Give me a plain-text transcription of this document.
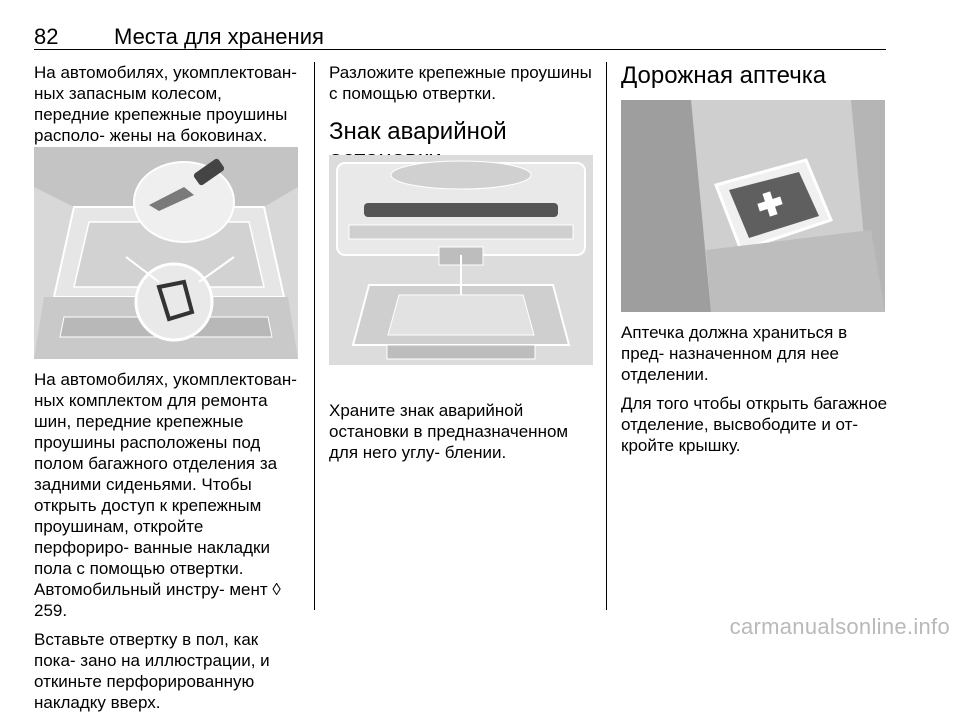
82	Места для хранения

На автомобилях, укомплектован- ных запасным колесом, передние крепежные проушины располо- жены на боковинах.

На автомобилях, укомплектован- ных комплектом для ремонта шин, передние крепежные проушины расположены под полом багажного отделения за задними сиденьями. Чтобы открыть доступ к крепежным проушинам, откройте перфориро- ванные накладки пола с помощью отвертки. Автомобильный инстру- мент ◊ 259.

Вставьте отвертку в пол, как пока- зано на иллюстрации, и откиньте перфорированную накладку вверх.

Разложите крепежные проушины с помощью отвертки.

Знак аварийной

Храните знак аварийной остановки в предназначенном для него углу- блении.

Дорожная аптечка

Аптечка должна храниться в пред- назначенном для нее отделении.

Для того чтобы открыть багажное отделение, высвободите и от- кройте крышку.

carmanualsonline.info
